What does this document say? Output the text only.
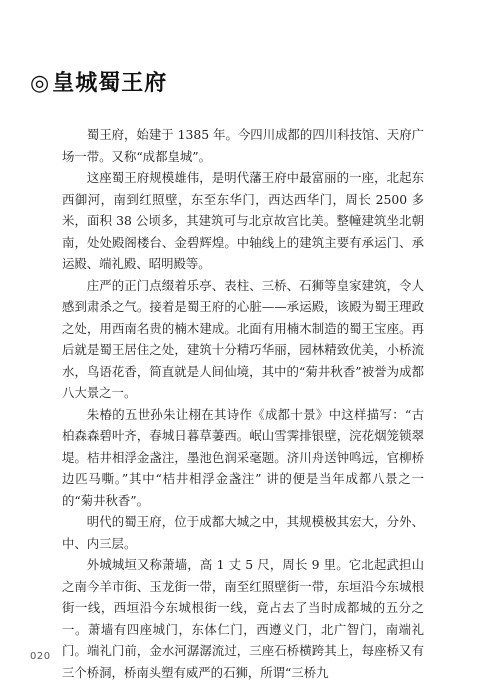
◎皇城蜀王府

蜀王府，始建于 1385 年。今四川成都的四川科技馆、天府广场一带。又称“成都皇城”。

这座蜀王府规模雄伟，是明代藩王府中最富丽的一座，北起东西御河，南到红照壁，东至东华门，西达西华门，周长 2500 多米，面积 38 公顷多，其建筑可与北京故宫比美。整幢建筑坐北朝南，处处殿阁楼台、金碧辉煌。中轴线上的建筑主要有承运门、承运殿、端礼殿、昭明殿等。

庄严的正门点缀着乐亭、表柱、三桥、石狮等皇家建筑，令人感到肃杀之气。接着是蜀王府的心脏——承运殿，该殿为蜀王理政之处，用西南名贵的楠木建成。北面有用楠木制造的蜀王宝座。再后就是蜀王居住之处，建筑十分精巧华丽，园林精致优美，小桥流水，鸟语花香，简直就是人间仙境，其中的“菊井秋香”被誉为成都八大景之一。

朱椿的五世孙朱让栩在其诗作《成都十景》中这样描写：“古柏森森碧叶齐，春城日暮草萋西。岷山雪霁排银壁，浣花烟笼锁翠堤。桔井相浮金盏注，墨池色润采毫题。济川舟送钟鸣远，官柳桥边匹马嘶。”其中“桔井相浮金盏注” 讲的便是当年成都八景之一的“菊井秋香”。

明代的蜀王府，位于成都大城之中，其规模极其宏大，分外、中、内三层。

外城城垣又称萧墙，高 1 丈 5 尺，周长 9 里。它北起武担山之南今羊市街、玉龙街一带，南至红照壁街一带，东垣沿今东城根街一线，西垣沿今东城根街一线，竟占去了当时成都城的五分之一。萧墙有四座城门，东体仁门，西遵义门，北广智门，南端礼门。端礼门前，金水河潺潺流过，三座石桥横跨其上，每座桥又有三个桥洞，桥南头塑有威严的石狮，所谓“三桥九

020
